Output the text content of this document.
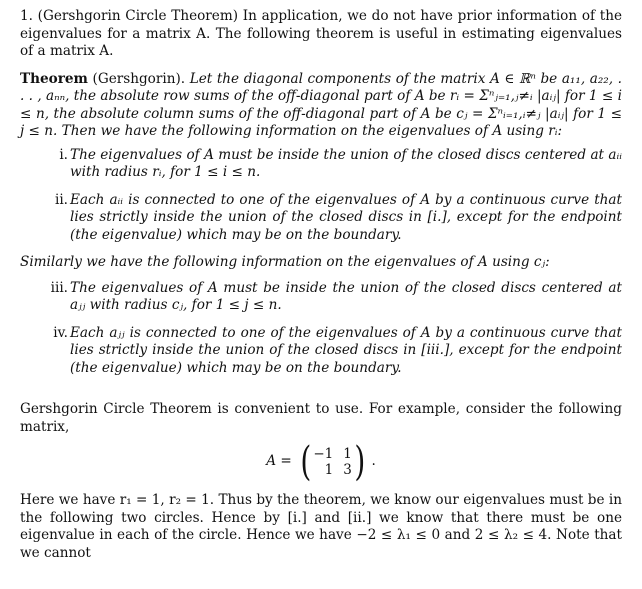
1. (Gershgorin Circle Theorem) In application, we do not have prior information of the eigenvalues for a matrix A. The following theorem is useful in estimating eigenvalues of a matrix A.

Theorem (Gershgorin). Let the diagonal components of the matrix A ∈ ℝⁿ be a₁₁, a₂₂, . . . , aₙₙ, the absolute row sums of the off-diagonal part of A be rᵢ = Σⁿⱼ₌₁,ⱼ≠ᵢ |aᵢⱼ| for 1 ≤ i ≤ n, the absolute column sums of the off-diagonal part of A be cⱼ = Σⁿᵢ₌₁,ᵢ≠ⱼ |aᵢⱼ| for 1 ≤ j ≤ n. Then we have the following information on the eigenvalues of A using rᵢ:

i. The eigenvalues of A must be inside the union of the closed discs centered at aᵢᵢ with radius rᵢ, for 1 ≤ i ≤ n.
ii. Each aᵢᵢ is connected to one of the eigenvalues of A by a continuous curve that lies strictly inside the union of the closed discs in [i.], except for the endpoint (the eigenvalue) which may be on the boundary.

Similarly we have the following information on the eigenvalues of A using cⱼ:

iii. The eigenvalues of A must be inside the union of the closed discs centered at aⱼⱼ with radius cⱼ, for 1 ≤ j ≤ n.
iv. Each aⱼⱼ is connected to one of the eigenvalues of A by a continuous curve that lies strictly inside the union of the closed discs in [iii.], except for the endpoint (the eigenvalue) which may be on the boundary.

Gershgorin Circle Theorem is convenient to use. For example, consider the following matrix,

A = ( −1 1
1 3 ) .

Here we have r₁ = 1, r₂ = 1. Thus by the theorem, we know our eigenvalues must be in the following two circles. Hence by [i.] and [ii.] we know that there must be one eigenvalue in each of the circle. Hence we have −2 ≤ λ₁ ≤ 0 and 2 ≤ λ₂ ≤ 4. Note that we cannot
